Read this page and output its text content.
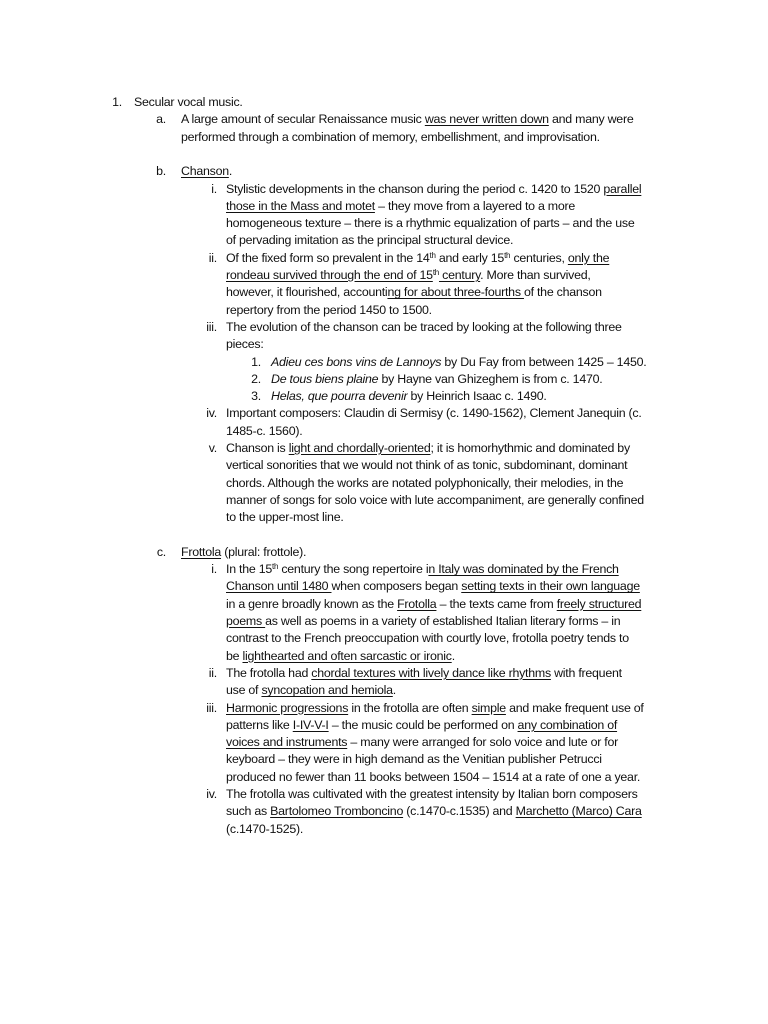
1. Secular vocal music.
a. A large amount of secular Renaissance music was never written down and many were
performed through a combination of memory, embellishment, and improvisation.
b. Chanson.
i. Stylistic developments in the chanson during the period c. 1420 to 1520 parallel
those in the Mass and motet – they move from a layered to a more
homogeneous texture – there is a rhythmic equalization of parts – and the use
of pervading imitation as the principal structural device.
ii. Of the fixed form so prevalent in the 14th and early 15th centuries, only the
rondeau survived through the end of 15th century. More than survived,
however, it flourished, accounting for about three-fourths of the chanson
repertory from the period 1450 to 1500.
iii. The evolution of the chanson can be traced by looking at the following three
pieces:
1. Adieu ces bons vins de Lannoys by Du Fay from between 1425 – 1450.
2. De tous biens plaine by Hayne van Ghizeghem is from c. 1470.
3. Helas, que pourra devenir by Heinrich Isaac c. 1490.
iv. Important composers: Claudin di Sermisy (c. 1490-1562), Clement Janequin (c.
1485-c. 1560).
v. Chanson is light and chordally-oriented; it is homorhythmic and dominated by
vertical sonorities that we would not think of as tonic, subdominant, dominant
chords. Although the works are notated polyphonically, their melodies, in the
manner of songs for solo voice with lute accompaniment, are generally confined
to the upper-most line.
c. Frottola (plural: frottole).
i. In the 15th century the song repertoire in Italy was dominated by the French
Chanson until 1480 when composers began setting texts in their own language
in a genre broadly known as the Frotolla – the texts came from freely structured
poems as well as poems in a variety of established Italian literary forms – in
contrast to the French preoccupation with courtly love, frotolla poetry tends to
be lighthearted and often sarcastic or ironic.
ii. The frotolla had chordal textures with lively dance like rhythms with frequent
use of syncopation and hemiola.
iii. Harmonic progressions in the frotolla are often simple and make frequent use of
patterns like I-IV-V-I – the music could be performed on any combination of
voices and instruments – many were arranged for solo voice and lute or for
keyboard – they were in high demand as the Venitian publisher Petrucci
produced no fewer than 11 books between 1504 – 1514 at a rate of one a year.
iv. The frotolla was cultivated with the greatest intensity by Italian born composers
such as Bartolomeo Tromboncino (c.1470-c.1535) and Marchetto (Marco) Cara
(c.1470-1525).
